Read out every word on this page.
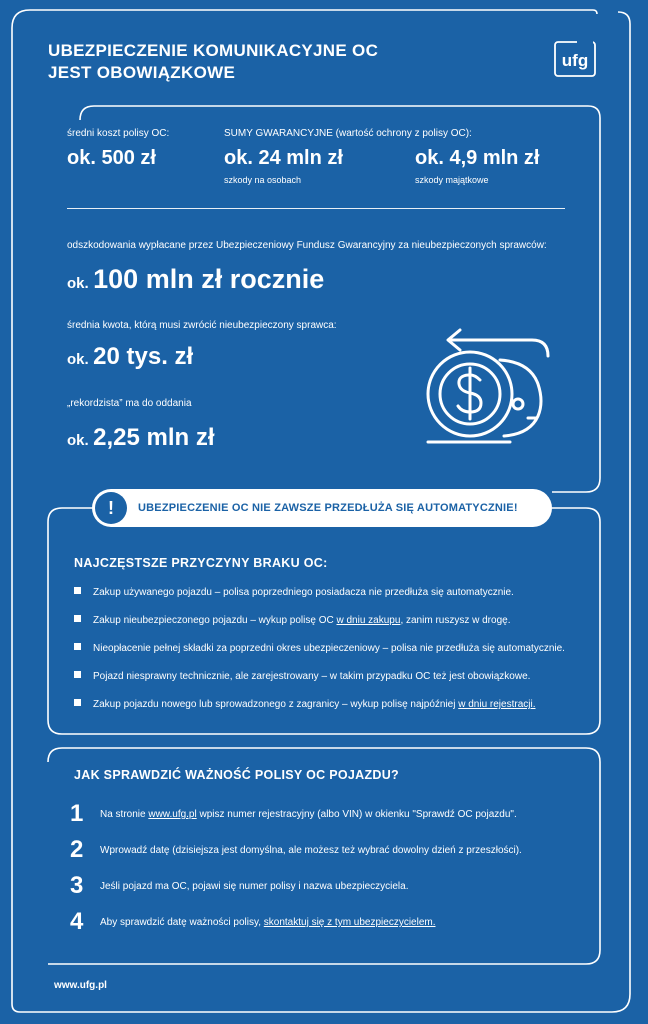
UBEZPIECZENIE KOMUNIKACYJNE OC
JEST OBOWIĄZKOWE
ufg
średni koszt polisy OC:
ok. 500 zł
SUMY GWARANCYJNE (wartość ochrony z polisy OC):
ok. 24 mln zł
szkody na osobach
ok. 4,9 mln zł
szkody majątkowe
odszkodowania wypłacane przez Ubezpieczeniowy Fundusz Gwarancyjny za nieubezpieczonych sprawców:
ok. 100 mln zł rocznie
średnia kwota, którą musi zwrócić nieubezpieczony sprawca:
ok. 20 tys. zł
„rekordzista” ma do oddania
ok. 2,25 mln zł
!	UBEZPIECZENIE OC NIE ZAWSZE PRZEDŁUŻA SIĘ AUTOMATYCZNIE!
NAJCZĘSTSZE PRZYCZYNY BRAKU OC:
Zakup używanego pojazdu – polisa poprzedniego posiadacza nie przedłuża się automatycznie.
Zakup nieubezpieczonego pojazdu – wykup polisę OC w dniu zakupu, zanim ruszysz w drogę.
Nieopłacenie pełnej składki za poprzedni okres ubezpieczeniowy – polisa nie przedłuża się automatycznie.
Pojazd niesprawny technicznie, ale zarejestrowany – w takim przypadku OC też jest obowiązkowe.
Zakup pojazdu nowego lub sprowadzonego z zagranicy – wykup polisę najpóźniej w dniu rejestracji.
JAK SPRAWDZIĆ WAŻNOŚĆ POLISY OC POJAZDU?
1	Na stronie www.ufg.pl wpisz numer rejestracyjny (albo VIN) w okienku "Sprawdź OC pojazdu".
2	Wprowadź datę (dzisiejsza jest domyślna, ale możesz też wybrać dowolny dzień z przeszłości).
3	Jeśli pojazd ma OC, pojawi się numer polisy i nazwa ubezpieczyciela.
4	Aby sprawdzić datę ważności polisy, skontaktuj się z tym ubezpieczycielem.
www.ufg.pl
